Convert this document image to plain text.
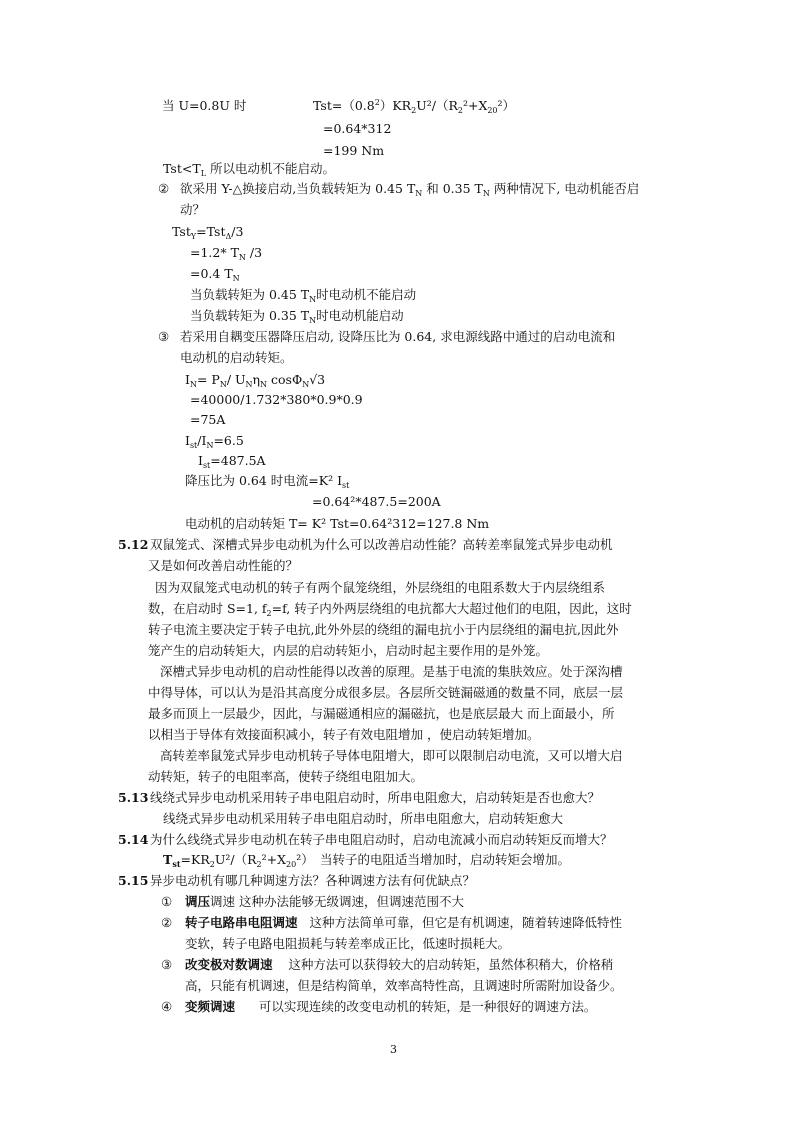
当 U=0.8U 时	$Tst=(0.8^2)KR_2U^2/(R_2^2+X_{20}^2)$
=0.64*312
=199 Nm
$Tst<T_L$ 所以电动机不能启动。
② 欲采用 Y-△换接启动,当负载转矩为 0.45 $T_N$ 和 0.35 $T_N$ 两种情况下, 电动机能否启
动？
Tst$_Y$=Tst$_\Delta$/3
=1.2* $T_N$ /3
=0.4 $T_N$
当负载转矩为 0.45 $T_N$时电动机不能启动
当负载转矩为 0.35 $T_N$时电动机能启动
③ 若采用自耦变压器降压启动, 设降压比为 0.64, 求电源线路中通过的启动电流和
电动机的启动转矩。
$I_N= P_N/$ $U_N\eta_N$ cosΦ$_N$√3
=40000/1.732*380*0.9*0.9
=75A
$I_{st}/I_N=6.5$
$I_{st}=487.5A$
降压比为 0.64 时电流=K² $I_{st}$
=0.64²*487.5=200A
电动机的启动转矩 T= K² Tst=0.64²312=127.8 Nm
5.12 双鼠笼式、深槽式异步电动机为什么可以改善启动性能？高转差率鼠笼式异步电动机
又是如何改善启动性能的？
因为双鼠笼式电动机的转子有两个鼠笼绕组，外层绕组的电阻系数大于内层绕组系
数，在启动时 S=1, $f_2=f$, 转子内外两层绕组的电抗都大大超过他们的电阻，因此，这时
转子电流主要决定于转子电抗,此外外层的绕组的漏电抗小于内层绕组的漏电抗,因此外
笼产生的启动转矩大，内层的启动转矩小，启动时起主要作用的是外笼。
深槽式异步电动机的启动性能得以改善的原理。是基于电流的集肤效应。处于深沟槽
中得导体，可以认为是沿其高度分成很多层。各层所交链漏磁通的数量不同，底层一层
最多而顶上一层最少，因此，与漏磁通相应的漏磁抗，也是底层最大 而上面最小，所
以相当于导体有效接面积减小，转子有效电阻增加 ，使启动转矩增加。
高转差率鼠笼式异步电动机转子导体电阻增大，即可以限制启动电流，又可以增大启
动转矩，转子的电阻率高，使转子绕组电阻加大。
5.13 线绕式异步电动机采用转子串电阻启动时，所串电阻愈大，启动转矩是否也愈大？
线绕式异步电动机采用转子串电阻启动时，所串电阻愈大，启动转矩愈大
5.14 为什么线绕式异步电动机在转子串电阻启动时，启动电流减小而启动转矩反而增大？
$T_{st}=KR_2U^2/(R_2^2+X_{20}^2)$ 当转子的电阻适当增加时，启动转矩会增加。
5.15 异步电动机有哪几种调速方法？各种调速方法有何优缺点？
① 调压调速 这种办法能够无级调速，但调速范围不大
② 转子电路串电阻调速 这种方法简单可靠，但它是有机调速，随着转速降低特性
变软，转子电路电阻损耗与转差率成正比，低速时损耗大。
③ 改变极对数调速 这种方法可以获得较大的启动转矩，虽然体积稍大，价格稍
高，只能有机调速，但是结构简单，效率高特性高，且调速时所需附加设备少。
④ 变频调速 可以实现连续的改变电动机的转矩，是一种很好的调速方法。
3
